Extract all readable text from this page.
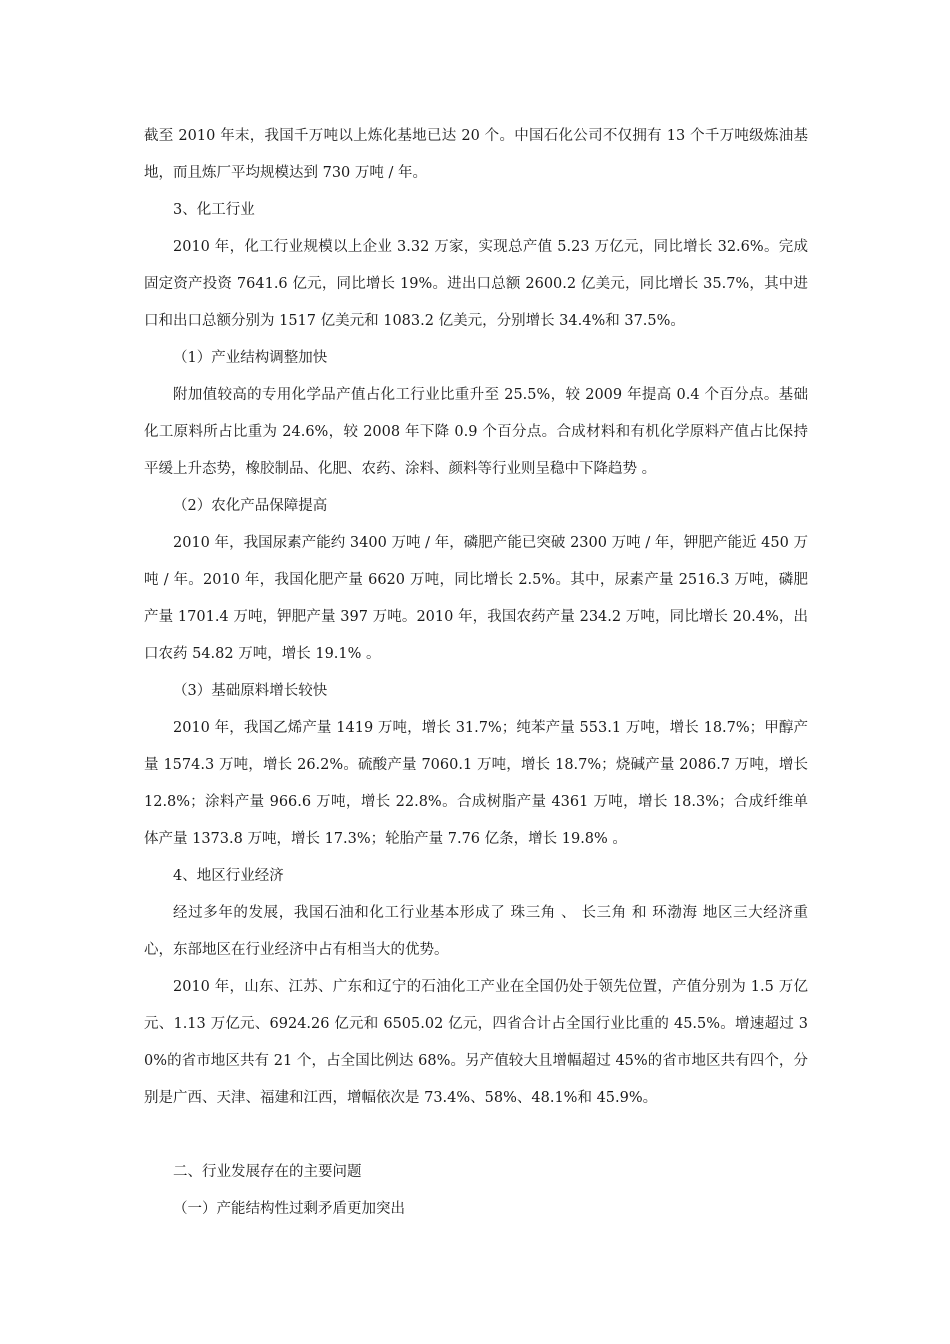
截至 2010 年末，我国千万吨以上炼化基地已达 20 个。中国石化公司不仅拥有 13 个千万吨级炼油基地，而且炼厂平均规模达到 730 万吨 / 年。

3、化工行业

2010 年，化工行业规模以上企业 3.32 万家，实现总产值 5.23 万亿元，同比增长 32.6%。完成固定资产投资 7641.6 亿元，同比增长 19%。进出口总额 2600.2 亿美元，同比增长 35.7%，其中进口和出口总额分别为 1517 亿美元和 1083.2 亿美元，分别增长 34.4%和 37.5%。

（1）产业结构调整加快

附加值较高的专用化学品产值占化工行业比重升至 25.5%，较 2009 年提高 0.4 个百分点。基础化工原料所占比重为 24.6%，较 2008 年下降 0.9 个百分点。合成材料和有机化学原料产值占比保持平缓上升态势，橡胶制品、化肥、农药、涂料、颜料等行业则呈稳中下降趋势 。

（2）农化产品保障提高

2010 年，我国尿素产能约 3400 万吨 / 年，磷肥产能已突破 2300 万吨 / 年，钾肥产能近 450 万吨 / 年。2010 年，我国化肥产量 6620 万吨，同比增长 2.5%。其中，尿素产量 2516.3 万吨，磷肥产量 1701.4 万吨，钾肥产量 397 万吨。2010 年，我国农药产量 234.2 万吨，同比增长 20.4%，出口农药 54.82 万吨，增长 19.1% 。

（3）基础原料增长较快

2010 年，我国乙烯产量 1419 万吨，增长 31.7%；纯苯产量 553.1 万吨，增长 18.7%；甲醇产量 1574.3 万吨，增长 26.2%。硫酸产量 7060.1 万吨，增长 18.7%；烧碱产量 2086.7 万吨，增长 12.8%；涂料产量 966.6 万吨，增长 22.8%。合成树脂产量 4361 万吨，增长 18.3%；合成纤维单体产量 1373.8 万吨，增长 17.3%；轮胎产量 7.76 亿条，增长 19.8% 。

4、地区行业经济

经过多年的发展，我国石油和化工行业基本形成了 珠三角 、 长三角 和 环渤海 地区三大经济重心，东部地区在行业经济中占有相当大的优势。

2010 年，山东、江苏、广东和辽宁的石油化工产业在全国仍处于领先位置，产值分别为 1.5 万亿元、1.13 万亿元、6924.26 亿元和 6505.02 亿元，四省合计占全国行业比重的 45.5%。增速超过 30%的省市地区共有 21 个，占全国比例达 68%。另产值较大且增幅超过 45%的省市地区共有四个，分别是广西、天津、福建和江西，增幅依次是 73.4%、58%、48.1%和 45.9%。

二、行业发展存在的主要问题

（一）产能结构性过剩矛盾更加突出
